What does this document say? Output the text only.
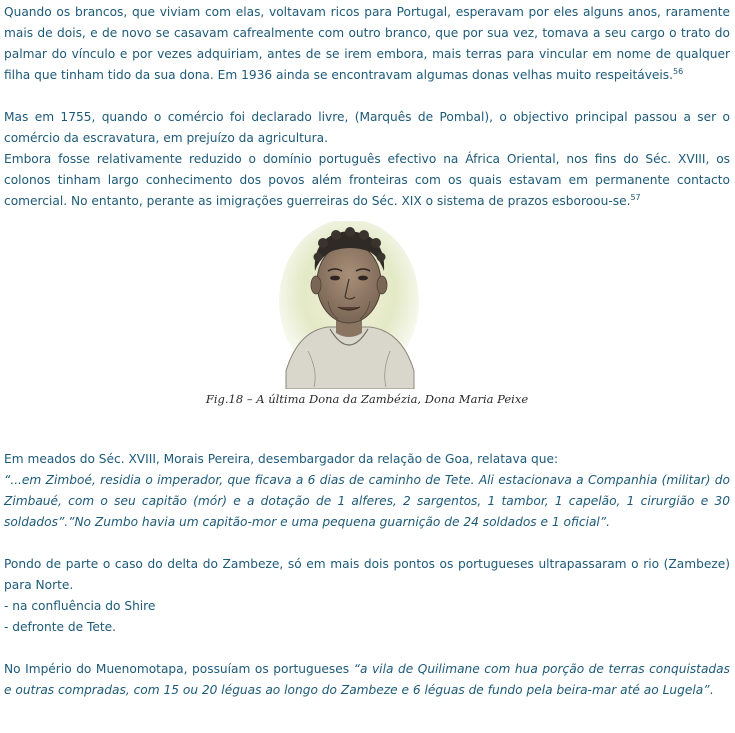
Quando os brancos, que viviam com elas, voltavam ricos para Portugal, esperavam por eles alguns anos, raramente mais de dois, e de novo se casavam cafrealmente com outro branco, que por sua vez, tomava a seu cargo o trato do palmar do vínculo e por vezes adquiriam, antes de se irem embora, mais terras para vincular em nome de qualquer filha que tinham tido da sua dona. Em 1936 ainda se encontravam algumas donas velhas muito respeitáveis.$^{56}$

Mas em 1755, quando o comércio foi declarado livre, (Marquês de Pombal), o objectivo principal passou a ser o comércio da escravatura, em prejuízo da agricultura.

Embora fosse relativamente reduzido o domínio português efectivo na África Oriental, nos fins do Séc. XVIII, os colonos tinham largo conhecimento dos povos além fronteiras com os quais estavam em permanente contacto comercial. No entanto, perante as imigrações guerreiras do Séc. XIX o sistema de prazos esboroou-se.$^{57}$

Fig.18 – A última Dona da Zambézia, Dona Maria Peixe

Em meados do Séc. XVIII, Morais Pereira, desembargador da relação de Goa, relatava que:

“...em Zimboé, residia o imperador, que ficava a 6 dias de caminho de Tete. Ali estacionava a Companhia (militar) do Zimbaué, com o seu capitão (mór) e a dotação de 1 alferes, 2 sargentos, 1 tambor, 1 capelão, 1 cirurgião e 30 soldados”.”No Zumbo havia um capitão-mor e uma pequena guarnição de 24 soldados e 1 oficial”.

Pondo de parte o caso do delta do Zambeze, só em mais dois pontos os portugueses ultrapassaram o rio (Zambeze) para Norte.

- na confluência do Shire

- defronte de Tete.

No Império do Muenomotapa, possuíam os portugueses “a vila de Quilimane com hua porção de terras conquistadas e outras compradas, com 15 ou 20 léguas ao longo do Zambeze e 6 léguas de fundo pela beira-mar até ao Lugela”.
